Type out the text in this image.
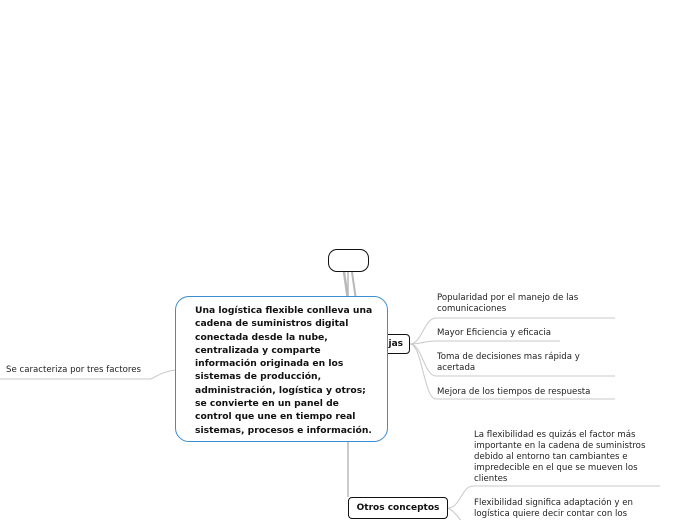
Se caracteriza por tres factores
jas
Popularidad por el manejo de las comunicaciones
Mayor Eficiencia y eficacia
Toma de decisiones mas rápida y acertada
Mejora de los tiempos de respuesta
Otros conceptos
La flexibilidad es quizás el factor más importante en la cadena de suministros debido al entorno tan cambiantes e impredecible en el que se mueven los clientes
Flexibilidad significa adaptación y en logística quiere decir contar con los
Una logística flexible conlleva una cadena de suministros digital conectada desde la nube, centralizada y comparte información originada en los sistemas de producción, administración, logística y otros; se convierte en un panel de control que une en tiempo real sistemas, procesos e información.
